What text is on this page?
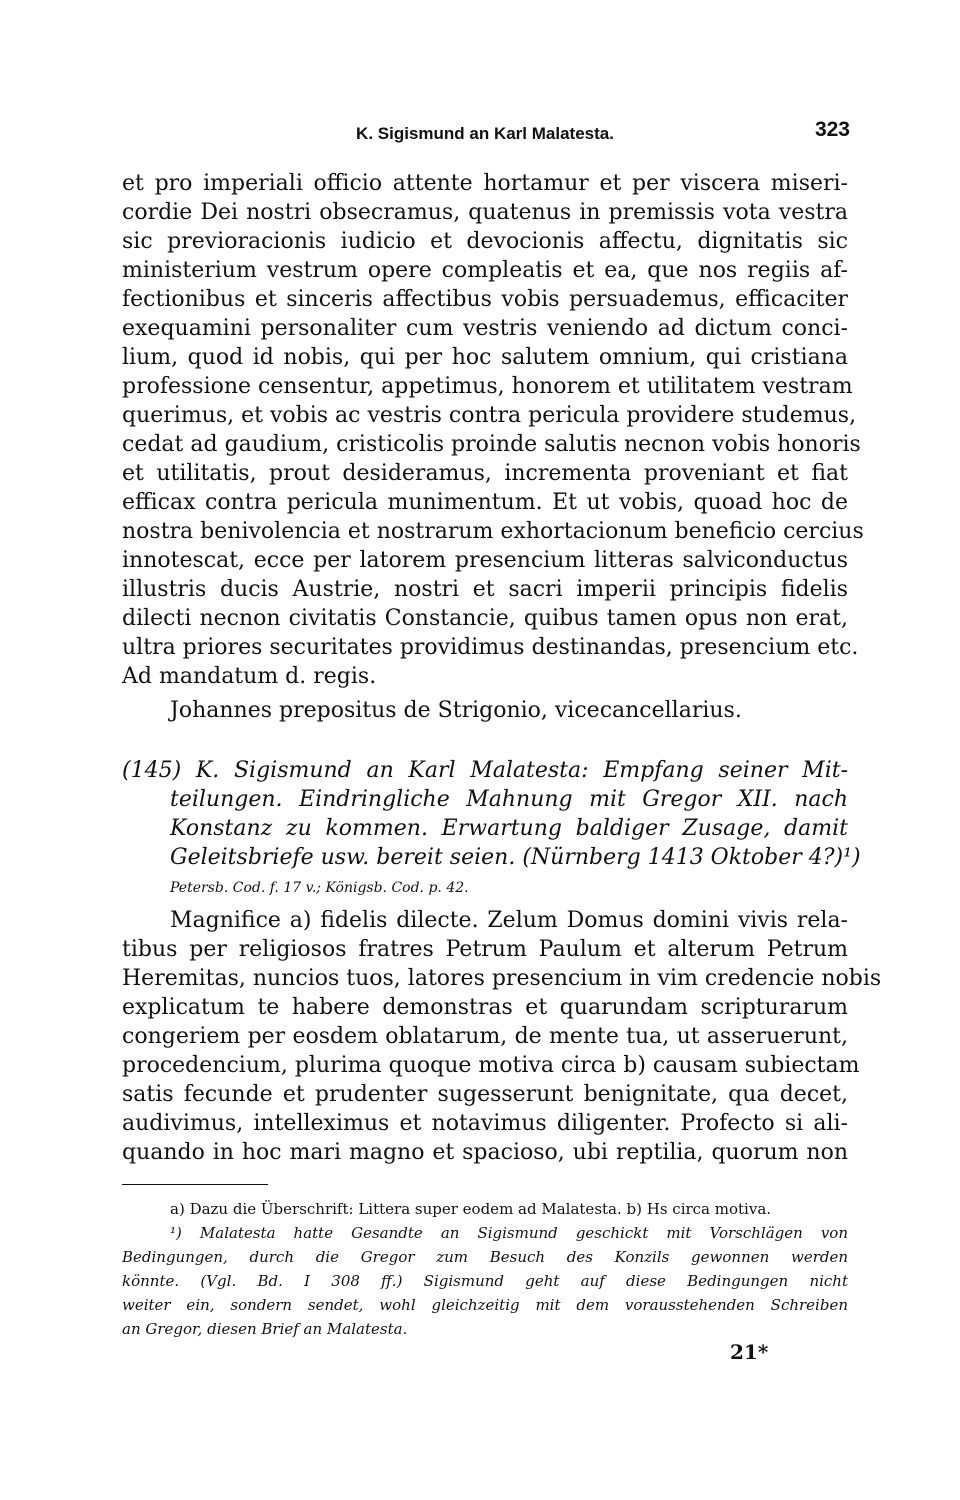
K. Sigismund an Karl Malatesta.	323
et pro imperiali officio attente hortamur et per viscera miseri-
cordie Dei nostri obsecramus, quatenus in premissis vota vestra
sic previoracionis iudicio et devocionis affectu, dignitatis sic
ministerium vestrum opere compleatis et ea, que nos regiis af-
fectionibus et sinceris affectibus vobis persuademus, efficaciter
exequamini personaliter cum vestris veniendo ad dictum conci-
lium, quod id nobis, qui per hoc salutem omnium, qui cristiana
professione censentur, appetimus, honorem et utilitatem vestram
querimus, et vobis ac vestris contra pericula providere studemus,
cedat ad gaudium, cristicolis proinde salutis necnon vobis honoris
et utilitatis, prout desideramus, incrementa proveniant et fiat
efficax contra pericula munimentum. Et ut vobis, quoad hoc de
nostra benivolencia et nostrarum exhortacionum beneficio cercius
innotescat, ecce per latorem presencium litteras salviconductus
illustris ducis Austrie, nostri et sacri imperii principis fidelis
dilecti necnon civitatis Constancie, quibus tamen opus non erat,
ultra priores securitates providimus destinandas, presencium etc.
Ad mandatum d. regis.
Johannes prepositus de Strigonio, vicecancellarius.
(145) K. Sigismund an Karl Malatesta: Empfang seiner Mit-
teilungen. Eindringliche Mahnung mit Gregor XII. nach
Konstanz zu kommen. Erwartung baldiger Zusage, damit
Geleitsbriefe usw. bereit seien. (Nürnberg 1413 Oktober 4?)¹)
Petersb. Cod. f. 17 v.; Königsb. Cod. p. 42.
Magnifice a) fidelis dilecte. Zelum Domus domini vivis rela-
tibus per religiosos fratres Petrum Paulum et alterum Petrum
Heremitas, nuncios tuos, latores presencium in vim credencie nobis
explicatum te habere demonstras et quarundam scripturarum
congeriem per eosdem oblatarum, de mente tua, ut asseruerunt,
procedencium, plurima quoque motiva circa b) causam subiectam
satis fecunde et prudenter sugesserunt benignitate, qua decet,
audivimus, intelleximus et notavimus diligenter. Profecto si ali-
quando in hoc mari magno et spacioso, ubi reptilia, quorum non
a) Dazu die Überschrift: Littera super eodem ad Malatesta. b) Hs circa motiva.
¹) Malatesta hatte Gesandte an Sigismund geschickt mit Vorschlägen von
Bedingungen, durch die Gregor zum Besuch des Konzils gewonnen werden
könnte. (Vgl. Bd. I 308 ff.) Sigismund geht auf diese Bedingungen nicht
weiter ein, sondern sendet, wohl gleichzeitig mit dem vorausstehenden Schreiben
an Gregor, diesen Brief an Malatesta.
21*
